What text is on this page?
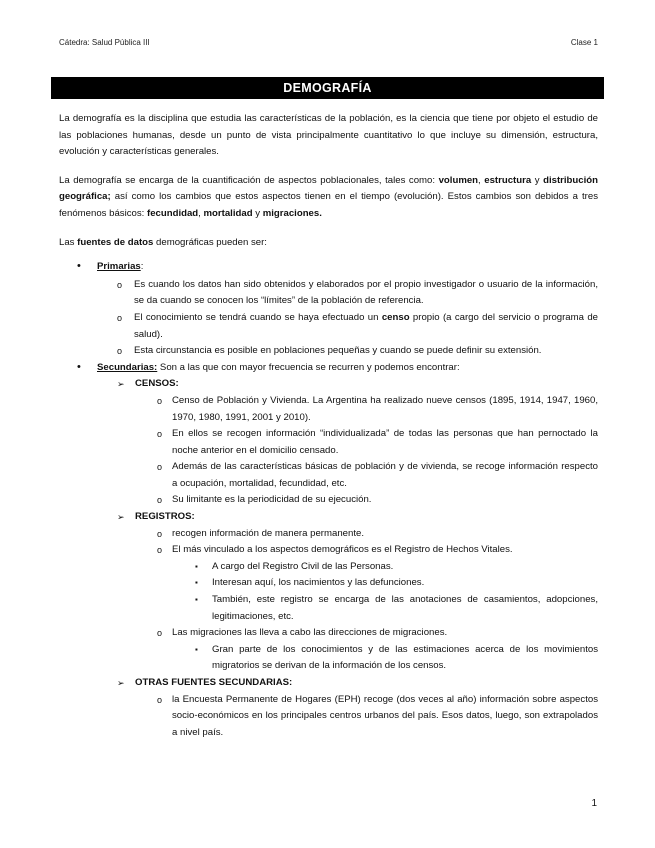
Cátedra: Salud Pública III	Clase 1
DEMOGRAFÍA

La demografía es la disciplina que estudia las características de la población, es la ciencia que tiene por objeto el estudio de las poblaciones humanas, desde un punto de vista principalmente cuantitativo lo que incluye su dimensión, estructura, evolución y características generales.

La demografía se encarga de la cuantificación de aspectos poblacionales, tales como: volumen, estructura y distribución geográfica; así como los cambios que estos aspectos tienen en el tiempo (evolución). Estos cambios son debidos a tres fenómenos básicos: fecundidad, mortalidad y migraciones.

Las fuentes de datos demográficas pueden ser:

• Primarias:
o Es cuando los datos han sido obtenidos y elaborados por el propio investigador o usuario de la información, se da cuando se conocen los “límites” de la población de referencia.
o El conocimiento se tendrá cuando se haya efectuado un censo propio (a cargo del servicio o programa de salud).
o Esta circunstancia es posible en poblaciones pequeñas y cuando se puede definir su extensión.
• Secundarias: Son a las que con mayor frecuencia se recurren y podemos encontrar:
➢ CENSOS:
o Censo de Población y Vivienda. La Argentina ha realizado nueve censos (1895, 1914, 1947, 1960, 1970, 1980, 1991, 2001 y 2010).
o En ellos se recogen información “individualizada” de todas las personas que han pernoctado la noche anterior en el domicilio censado.
o Además de las características básicas de población y de vivienda, se recoge información respecto a ocupación, mortalidad, fecundidad, etc.
o Su limitante es la periodicidad de su ejecución.
➢ REGISTROS:
o recogen información de manera permanente.
o El más vinculado a los aspectos demográficos es el Registro de Hechos Vitales.
▪ A cargo del Registro Civil de las Personas.
▪ Interesan aquí, los nacimientos y las defunciones.
▪ También, este registro se encarga de las anotaciones de casamientos, adopciones, legitimaciones, etc.
o Las migraciones las lleva a cabo las direcciones de migraciones.
▪ Gran parte de los conocimientos y de las estimaciones acerca de los movimientos migratorios se derivan de la información de los censos.
➢ OTRAS FUENTES SECUNDARIAS:
o la Encuesta Permanente de Hogares (EPH) recoge (dos veces al año) información sobre aspectos socio-económicos en los principales centros urbanos del país. Esos datos, luego, son extrapolados a nivel país.
1
